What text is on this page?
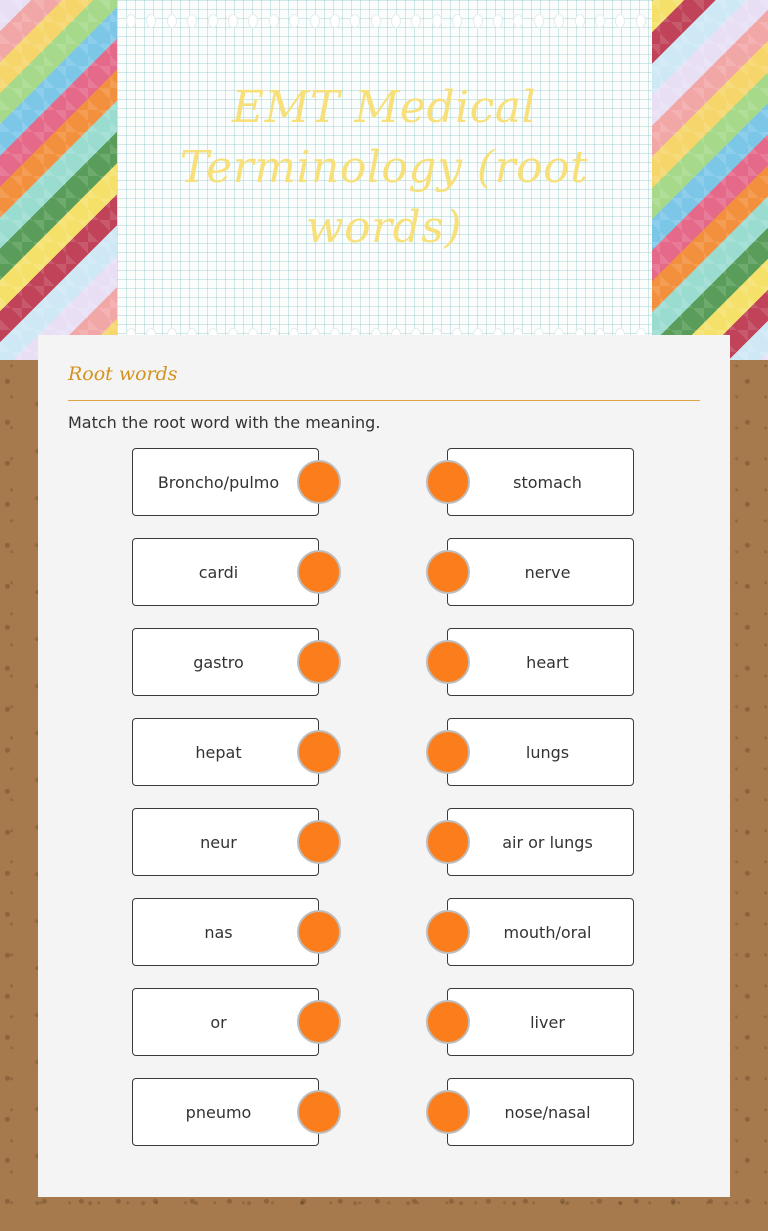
EMT Medical Terminology (root words)
Root words

Match the root word with the meaning.

Broncho/pulmo	stomach
cardi	nerve
gastro	heart
hepat	lungs
neur	air or lungs
nas	mouth/oral
or	liver
pneumo	nose/nasal
